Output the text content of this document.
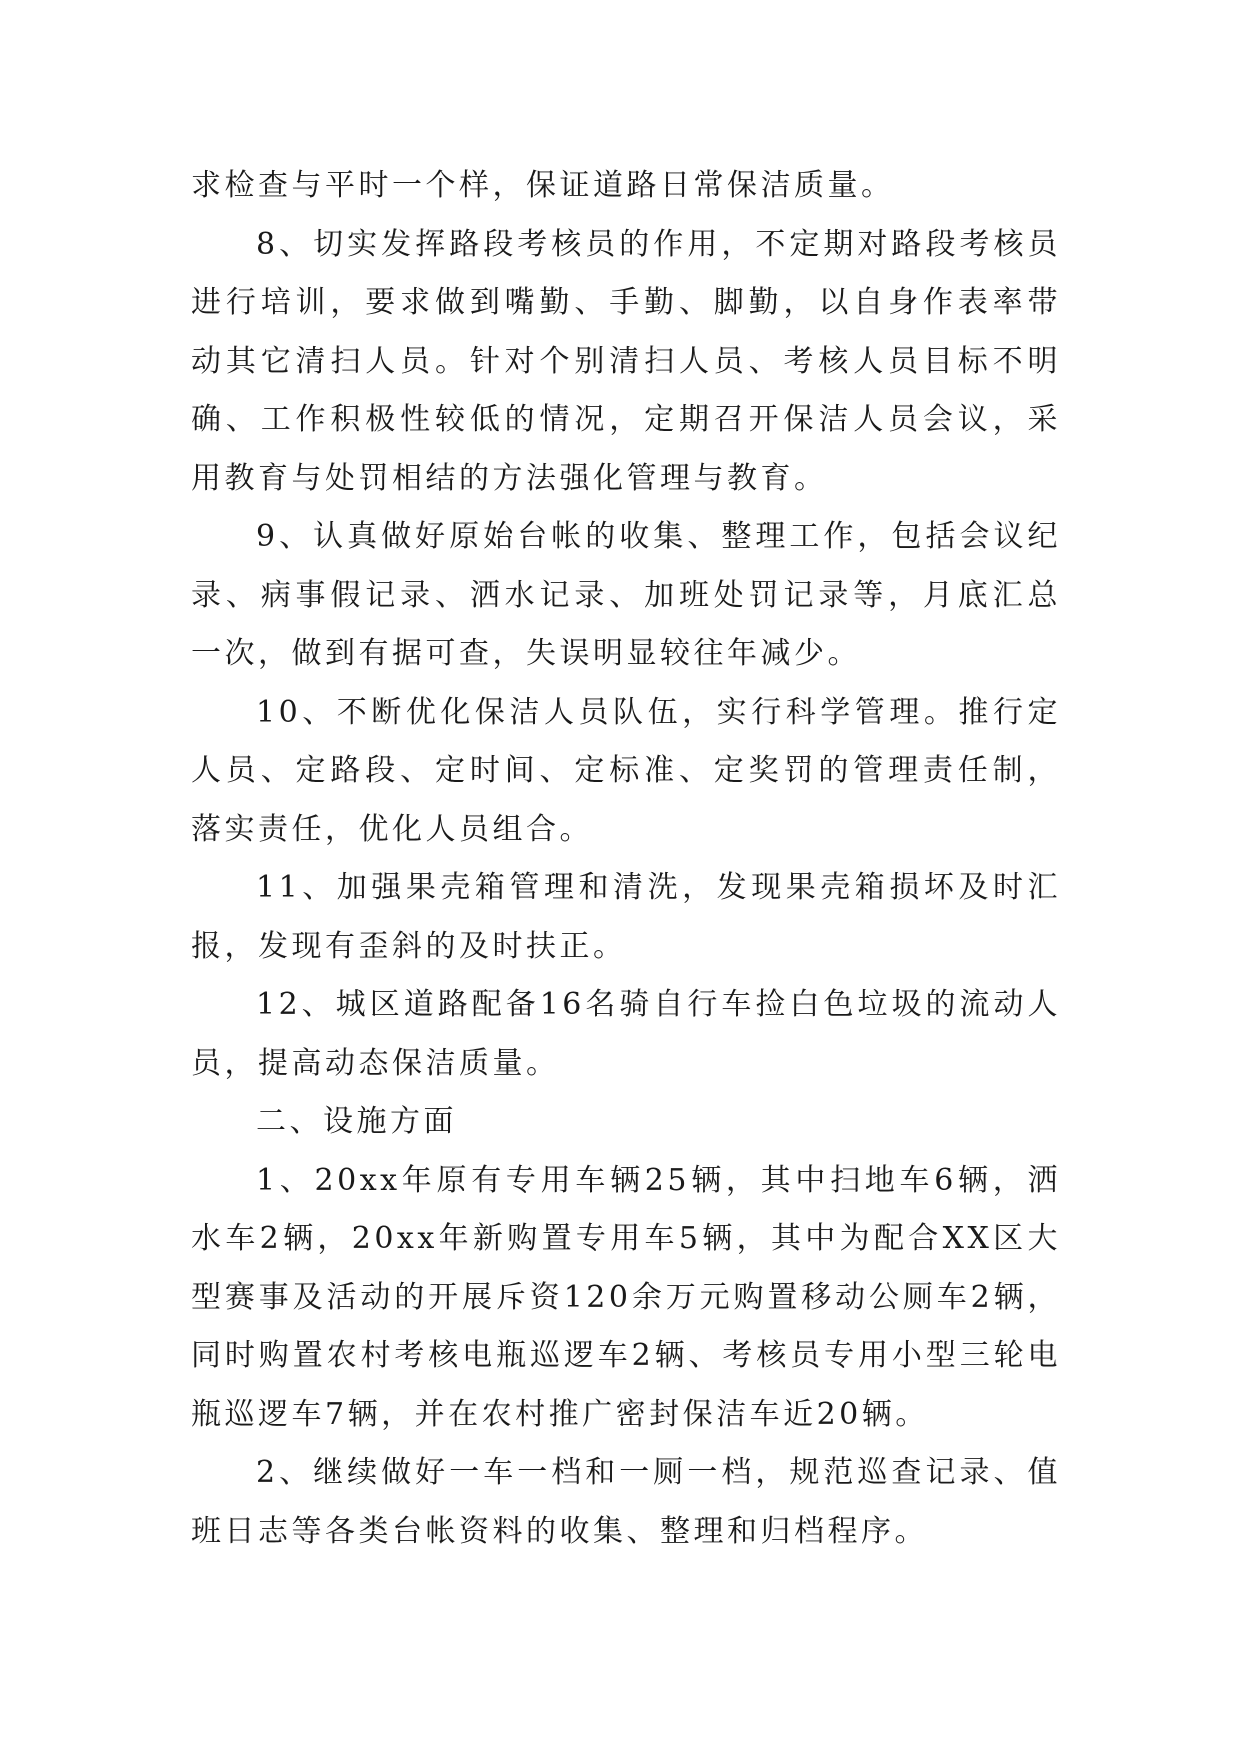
求检查与平时一个样，保证道路日常保洁质量。

8、切实发挥路段考核员的作用，不定期对路段考核员进行培训，要求做到嘴勤、手勤、脚勤，以自身作表率带动其它清扫人员。针对个别清扫人员、考核人员目标不明确、工作积极性较低的情况，定期召开保洁人员会议，采用教育与处罚相结的方法强化管理与教育。

9、认真做好原始台帐的收集、整理工作，包括会议纪录、病事假记录、洒水记录、加班处罚记录等，月底汇总一次，做到有据可查，失误明显较往年减少。

10、不断优化保洁人员队伍，实行科学管理。推行定人员、定路段、定时间、定标准、定奖罚的管理责任制，落实责任，优化人员组合。

11、加强果壳箱管理和清洗，发现果壳箱损坏及时汇报，发现有歪斜的及时扶正。

12、城区道路配备16名骑自行车捡白色垃圾的流动人员，提高动态保洁质量。

二、设施方面

1、20xx年原有专用车辆25辆，其中扫地车6辆，洒水车2辆，20xx年新购置专用车5辆，其中为配合XX区大型赛事及活动的开展斥资120余万元购置移动公厕车2辆，同时购置农村考核电瓶巡逻车2辆、考核员专用小型三轮电瓶巡逻车7辆，并在农村推广密封保洁车近20辆。

2、继续做好一车一档和一厕一档，规范巡查记录、值班日志等各类台帐资料的收集、整理和归档程序。
